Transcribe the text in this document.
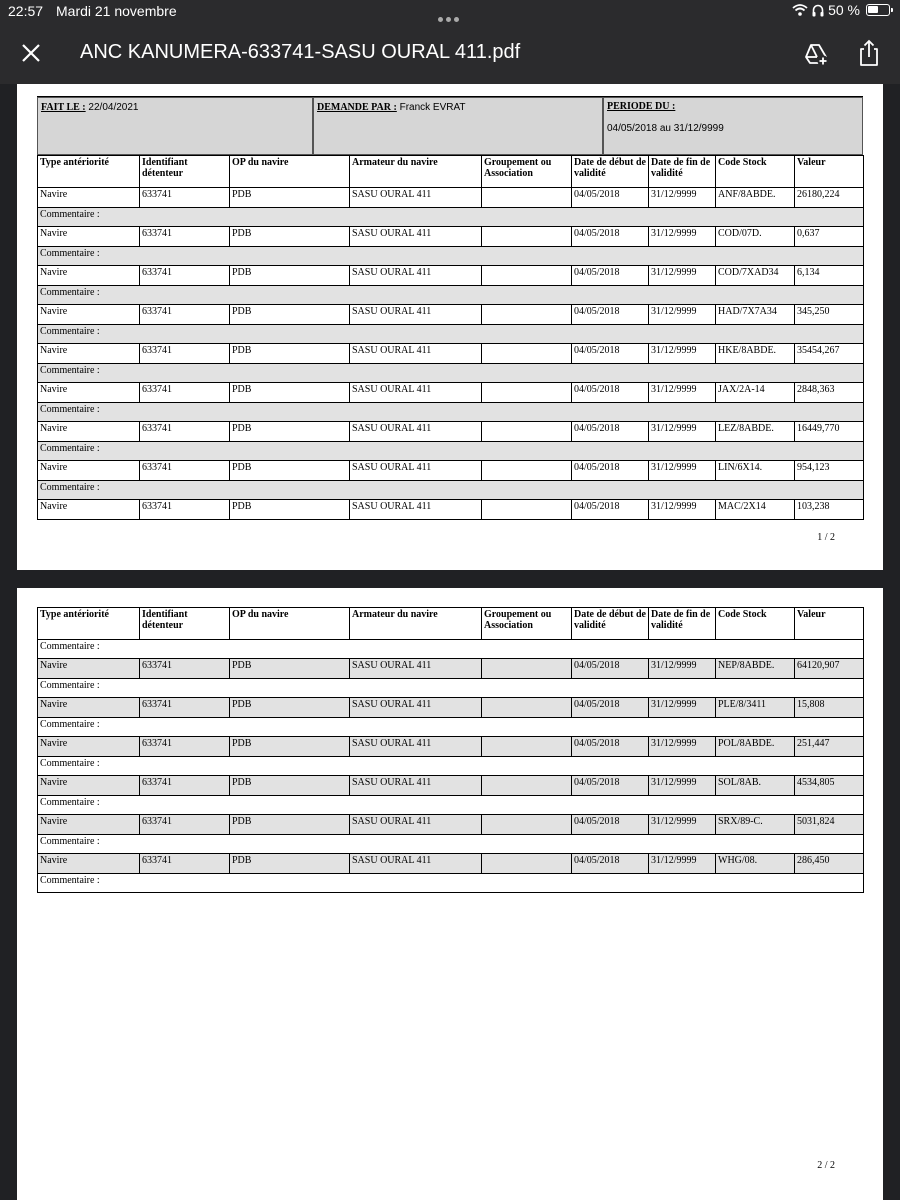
22:57 Mardi 21 novembre	50 %
ANC KANUMERA-633741-SASU OURAL 411.pdf
FAIT LE : 22/04/2021	DEMANDE PAR : Franck EVRAT	PERIODE DU :
04/05/2018 au 31/12/9999
Type antériorité	Identifiant détenteur	OP du navire	Armateur du navire	Groupement ou Association	Date de début de validité	Date de fin de validité	Code Stock	Valeur
Navire	633741	PDB	SASU OURAL 411		04/05/2018	31/12/9999	ANF/8ABDE.	26180,224
Commentaire :								
Navire	633741	PDB	SASU OURAL 411		04/05/2018	31/12/9999	COD/07D.	0,637
Commentaire :								
Navire	633741	PDB	SASU OURAL 411		04/05/2018	31/12/9999	COD/7XAD34	6,134
Commentaire :								
Navire	633741	PDB	SASU OURAL 411		04/05/2018	31/12/9999	HAD/7X7A34	345,250
Commentaire :								
Navire	633741	PDB	SASU OURAL 411		04/05/2018	31/12/9999	HKE/8ABDE.	35454,267
Commentaire :								
Navire	633741	PDB	SASU OURAL 411		04/05/2018	31/12/9999	JAX/2A-14	2848,363
Commentaire :								
Navire	633741	PDB	SASU OURAL 411		04/05/2018	31/12/9999	LEZ/8ABDE.	16449,770
Commentaire :								
Navire	633741	PDB	SASU OURAL 411		04/05/2018	31/12/9999	LIN/6X14.	954,123
Commentaire :								
Navire	633741	PDB	SASU OURAL 411		04/05/2018	31/12/9999	MAC/2X14	103,238
1 / 2
Type antériorité	Identifiant détenteur	OP du navire	Armateur du navire	Groupement ou Association	Date de début de validité	Date de fin de validité	Code Stock	Valeur
Commentaire :								
Navire	633741	PDB	SASU OURAL 411		04/05/2018	31/12/9999	NEP/8ABDE.	64120,907
Commentaire :								
Navire	633741	PDB	SASU OURAL 411		04/05/2018	31/12/9999	PLE/8/3411	15,808
Commentaire :								
Navire	633741	PDB	SASU OURAL 411		04/05/2018	31/12/9999	POL/8ABDE.	251,447
Commentaire :								
Navire	633741	PDB	SASU OURAL 411		04/05/2018	31/12/9999	SOL/8AB.	4534,805
Commentaire :								
Navire	633741	PDB	SASU OURAL 411		04/05/2018	31/12/9999	SRX/89-C.	5031,824
Commentaire :								
Navire	633741	PDB	SASU OURAL 411		04/05/2018	31/12/9999	WHG/08.	286,450
Commentaire :								
2 / 2
